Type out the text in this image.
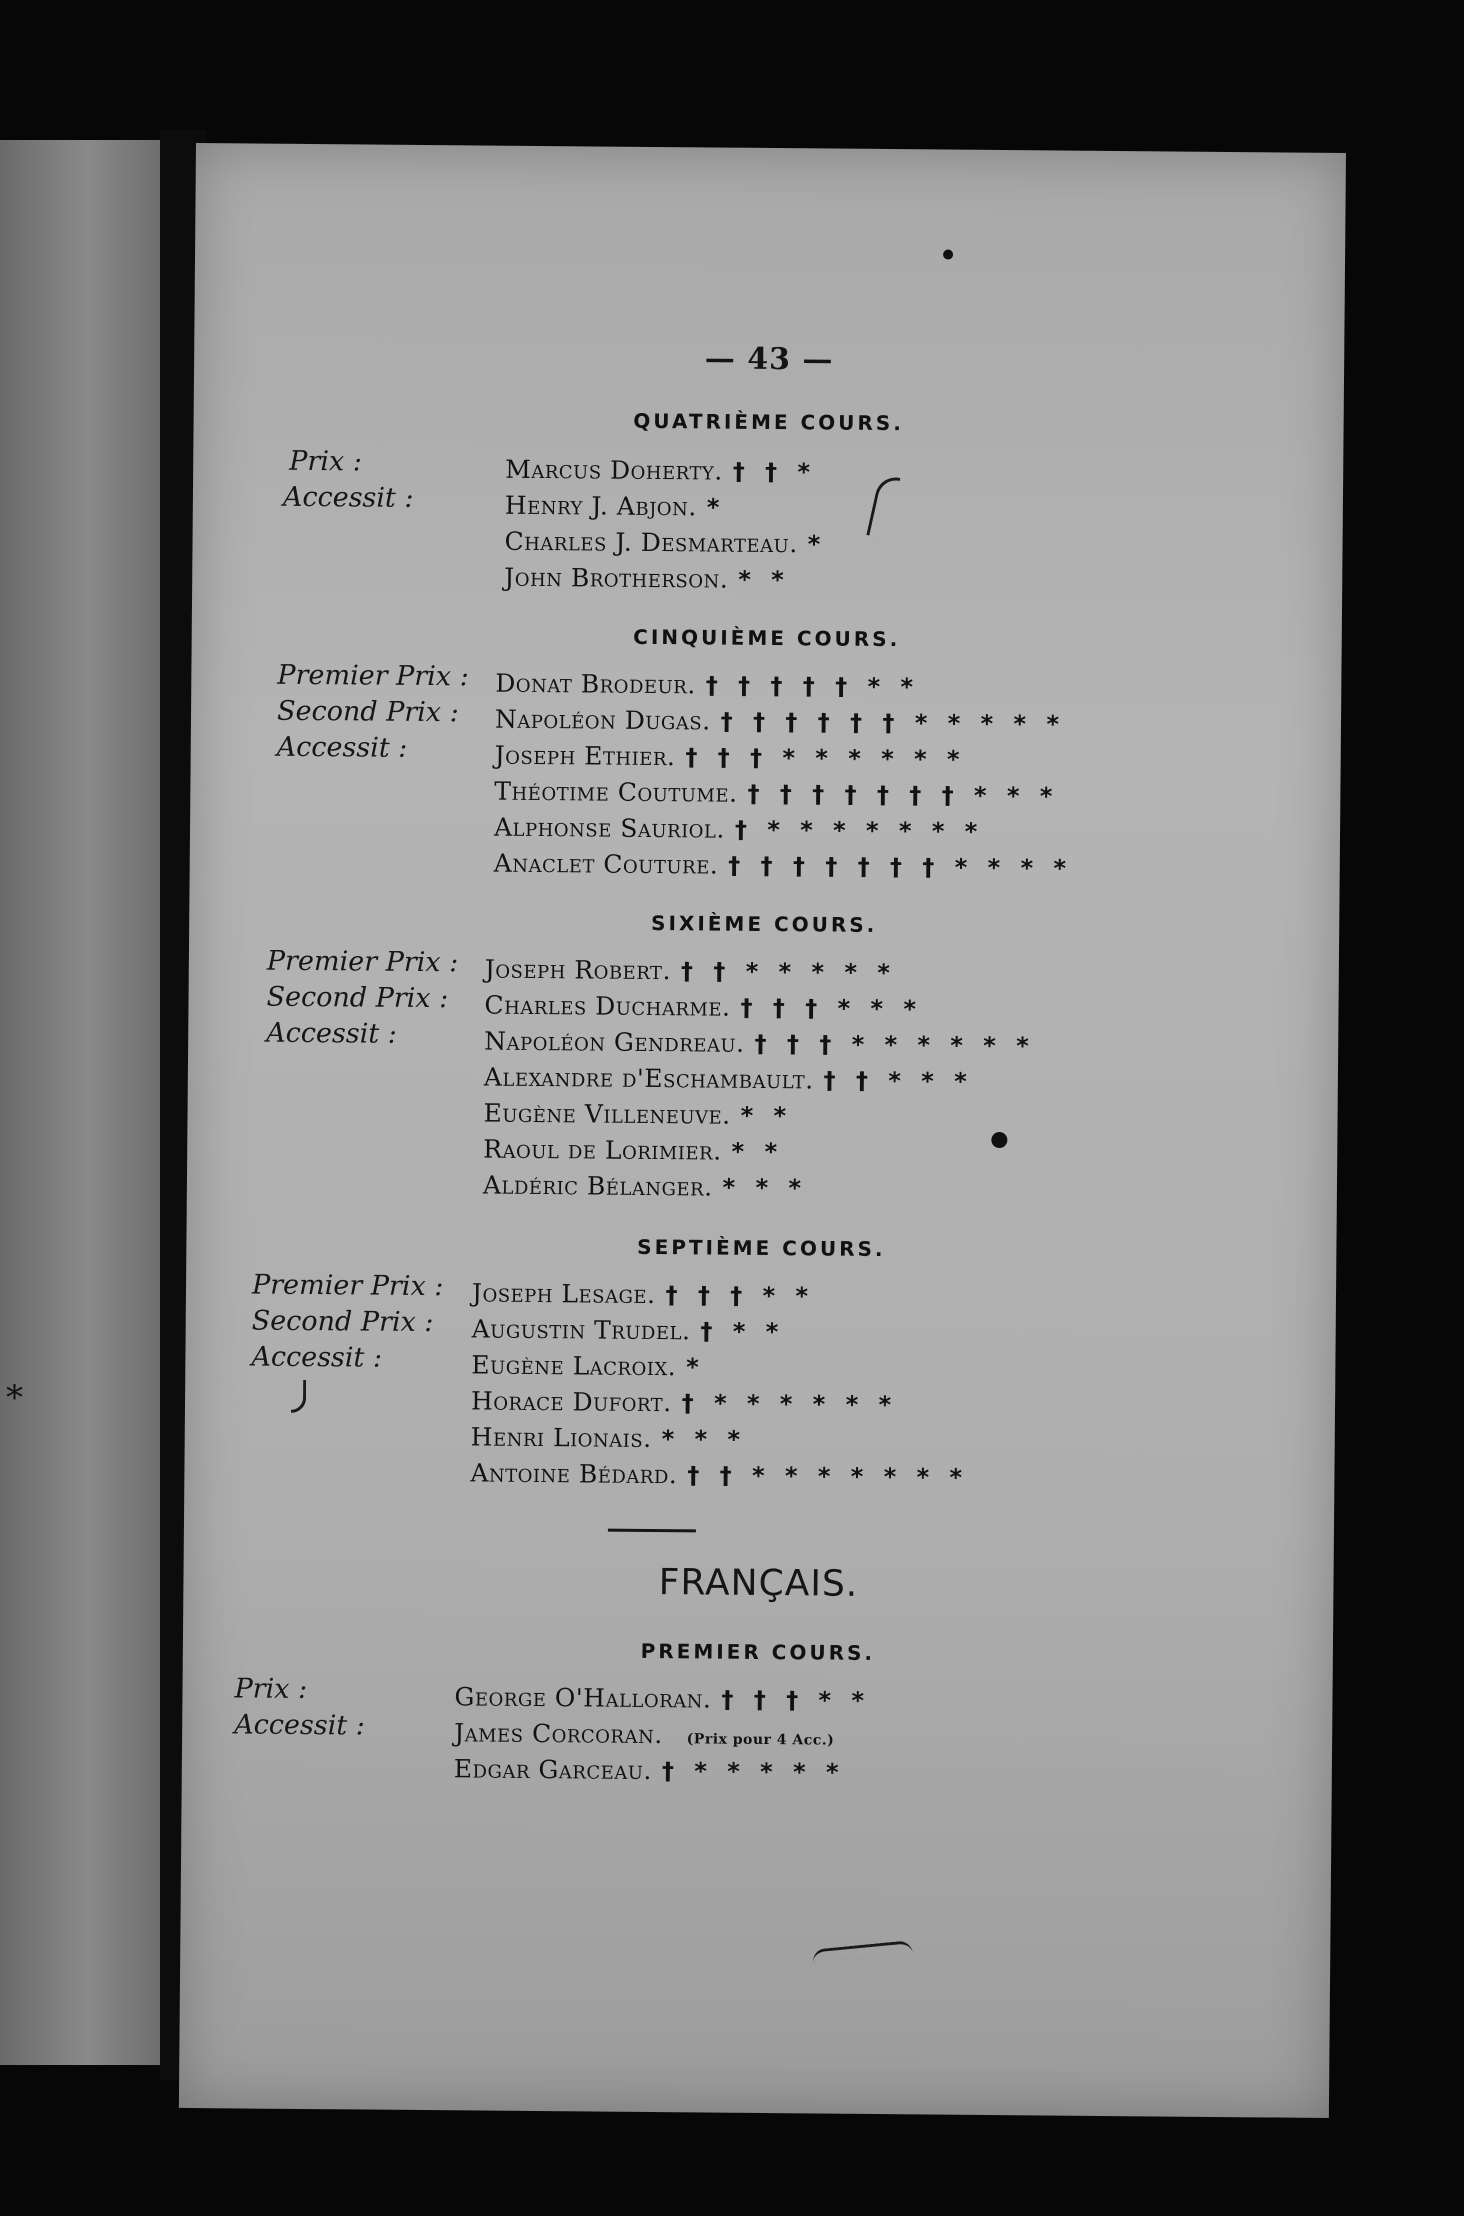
*
— 43 —
QUATRIÈME COURS.
Prix :
Accessit :
Marcus Doherty. † † *
Henry J. Abjon. *
Charles J. Desmarteau. *
John Brotherson. * *
CINQUIÈME COURS.
Premier Prix :
Second Prix :
Accessit :
Donat Brodeur. † † † † † * *
Napoléon Dugas. † † † † † † * * * * *
Joseph Ethier. † † † * * * * * *
Théotime Coutume. † † † † † † † * * *
Alphonse Sauriol. † * * * * * * *
Anaclet Couture. † † † † † † † * * * *
SIXIÈME COURS.
Premier Prix :
Second Prix :
Accessit :
Joseph Robert. † † * * * * *
Charles Ducharme. † † † * * *
Napoléon Gendreau. † † † * * * * * *
Alexandre d'Eschambault. † † * * *
Eugène Villeneuve. * *
Raoul de Lorimier. * *
Aldéric Bélanger. * * *
SEPTIÈME COURS.
Premier Prix :
Second Prix :
Accessit :
Joseph Lesage. † † † * *
Augustin Trudel. † * *
Eugène Lacroix. *
Horace Dufort. † * * * * * *
Henri Lionais. * * *
Antoine Bédard. † † * * * * * * *
FRANÇAIS.
PREMIER COURS.
Prix :
Accessit :
George O'Halloran. † † † * *
James Corcoran. (Prix pour 4 Acc.)
Edgar Garceau. † * * * * *
